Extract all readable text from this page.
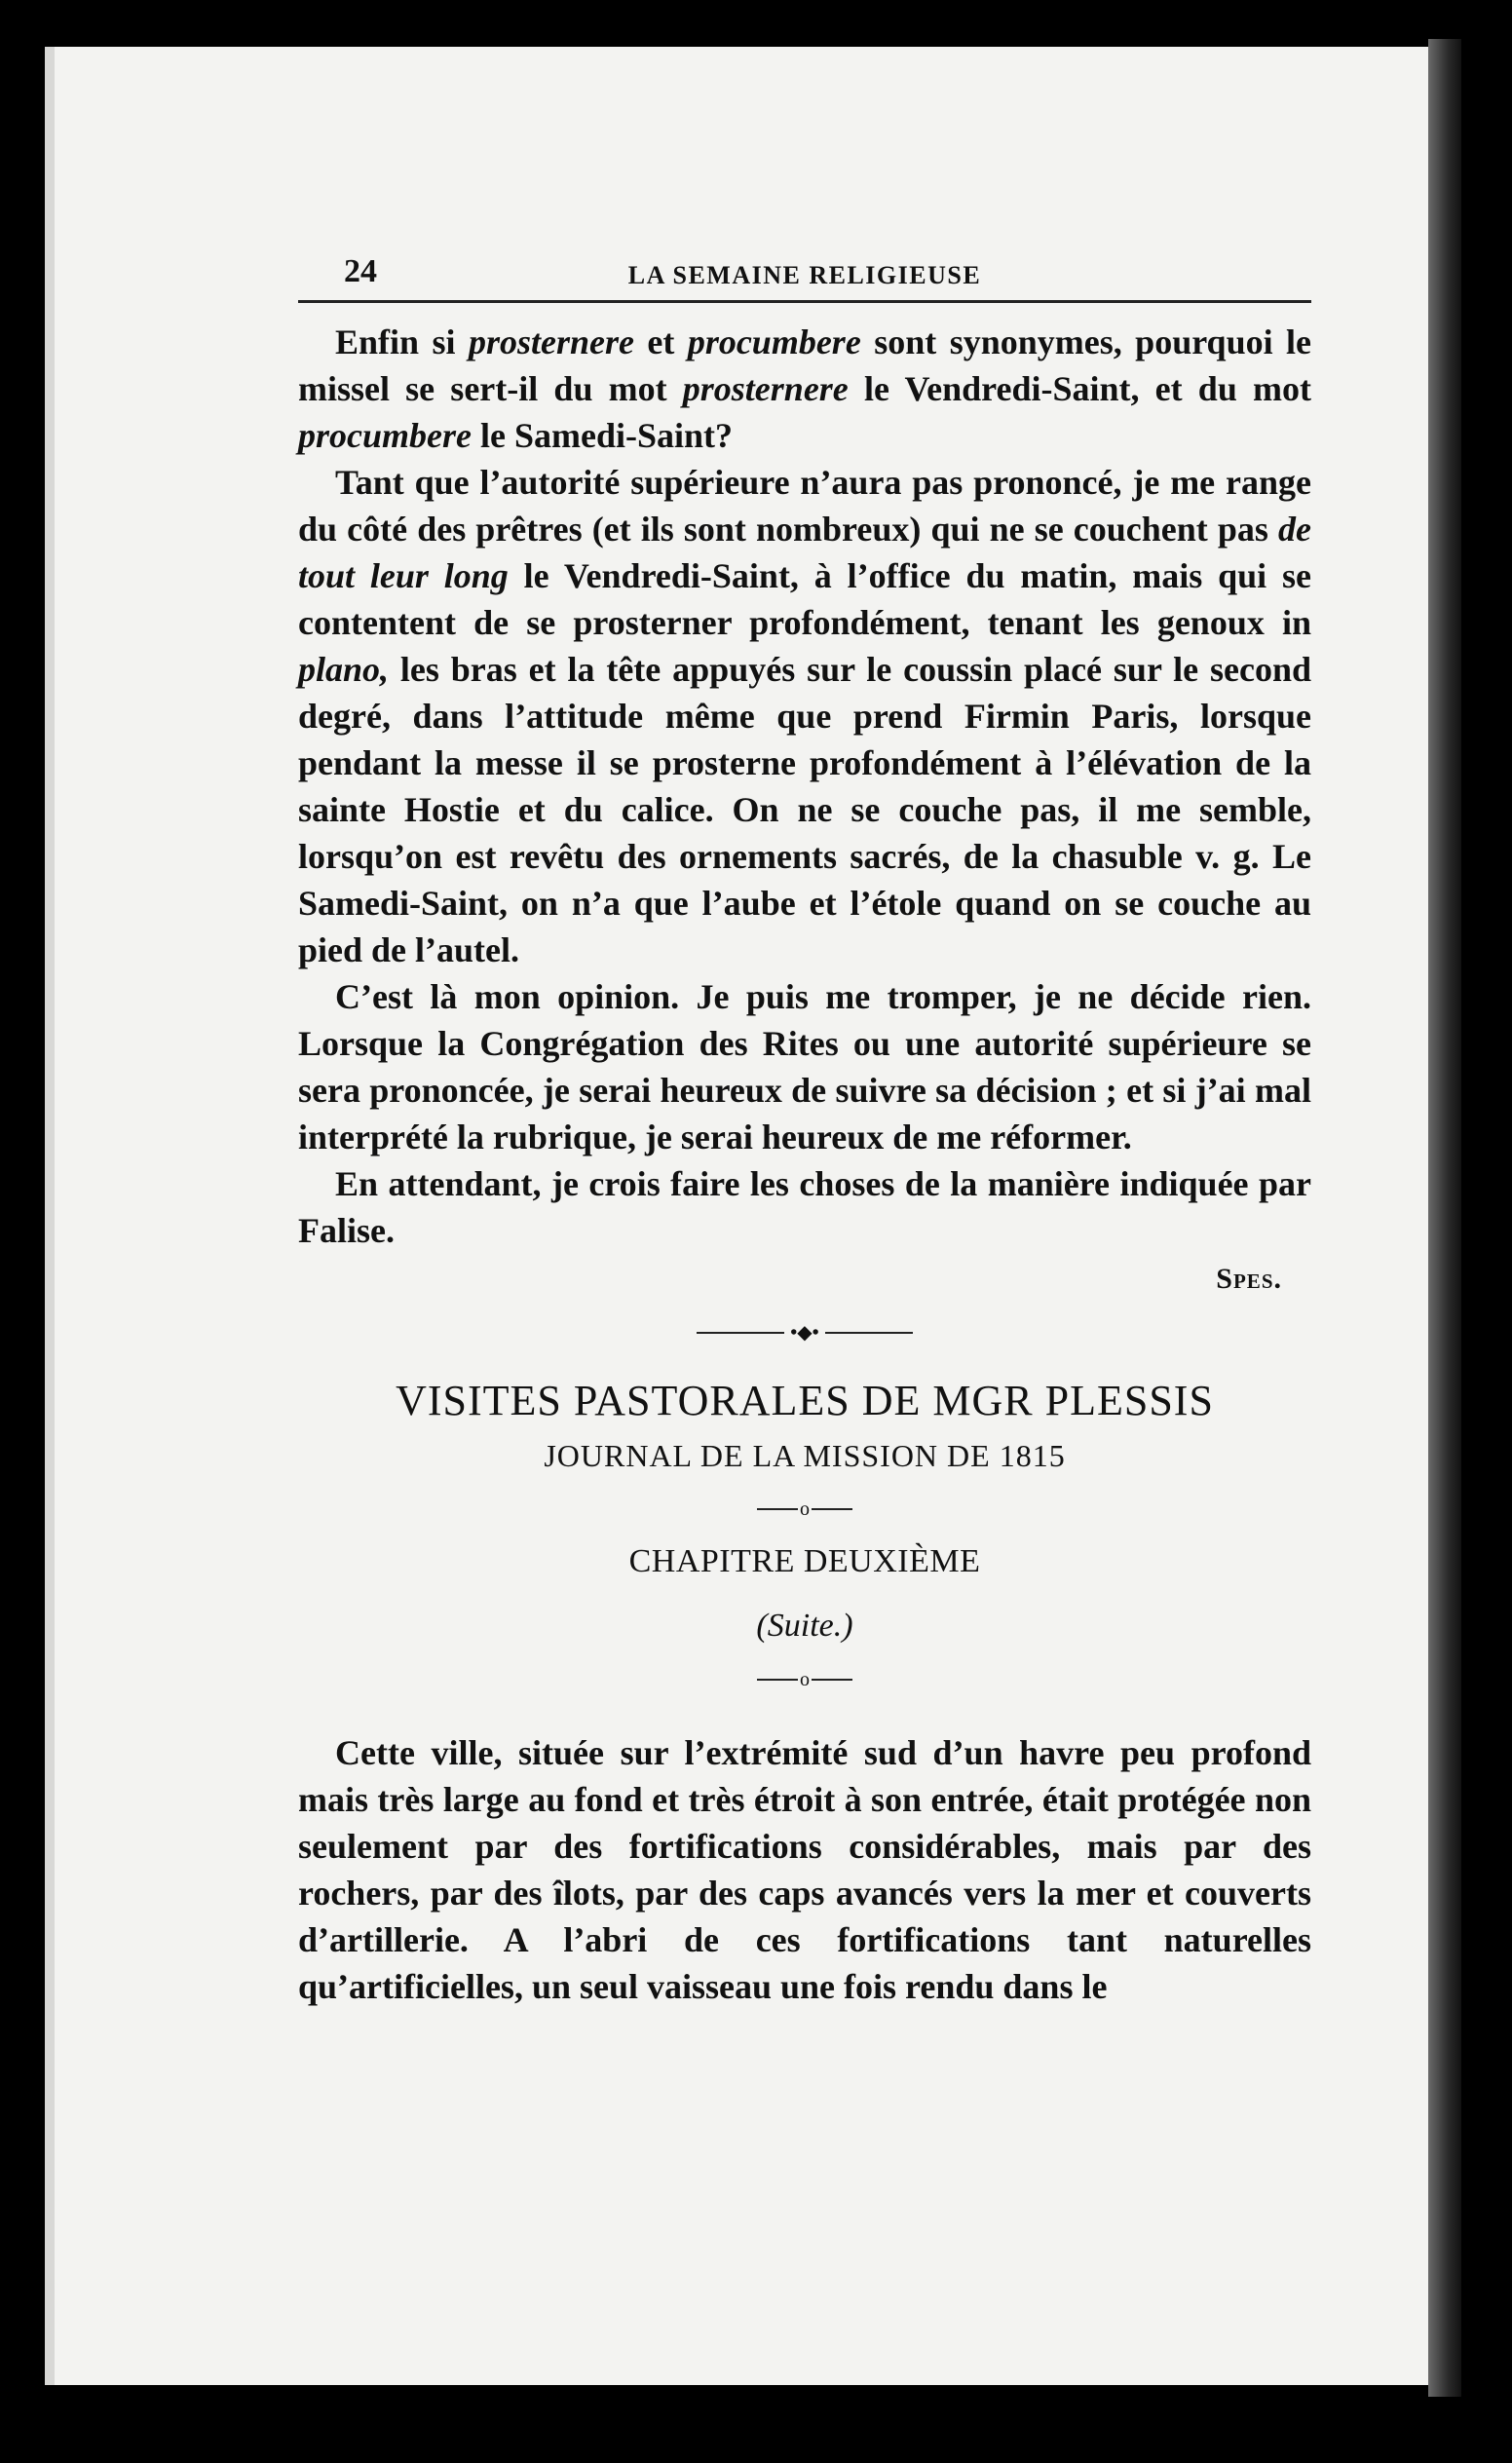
24	LA SEMAINE RELIGIEUSE

Enfin si prosternere et procumbere sont synonymes, pourquoi le missel se sert-il du mot prosternere le Vendredi-Saint, et du mot procumbere le Samedi-Saint?

Tant que l’autorité supérieure n’aura pas prononcé, je me range du côté des prêtres (et ils sont nombreux) qui ne se couchent pas de tout leur long le Vendredi-Saint, à l’office du matin, mais qui se contentent de se prosterner profondément, tenant les genoux in plano, les bras et la tête appuyés sur le coussin placé sur le second degré, dans l’attitude même que prend Firmin Paris, lorsque pendant la messe il se prosterne profondément à l’élévation de la sainte Hostie et du calice. On ne se couche pas, il me semble, lorsqu’on est revêtu des ornements sacrés, de la chasuble v. g. Le Samedi-Saint, on n’a que l’aube et l’étole quand on se couche au pied de l’autel.

C’est là mon opinion. Je puis me tromper, je ne décide rien. Lorsque la Congrégation des Rites ou une autorité supérieure se sera prononcée, je serai heureux de suivre sa décision ; et si j’ai mal interprété la rubrique, je serai heureux de me réformer.

En attendant, je crois faire les choses de la manière indiquée par Falise.

Spes.
•◆•
VISITES PASTORALES DE MGR PLESSIS
JOURNAL DE LA MISSION DE 1815
o
CHAPITRE DEUXIÈME
(Suite.)
o

Cette ville, située sur l’extrémité sud d’un havre peu profond mais très large au fond et très étroit à son entrée, était protégée non seulement par des fortifications considérables, mais par des rochers, par des îlots, par des caps avancés vers la mer et couverts d’artillerie. A l’abri de ces fortifications tant naturelles qu’artificielles, un seul vaisseau une fois rendu dans le
